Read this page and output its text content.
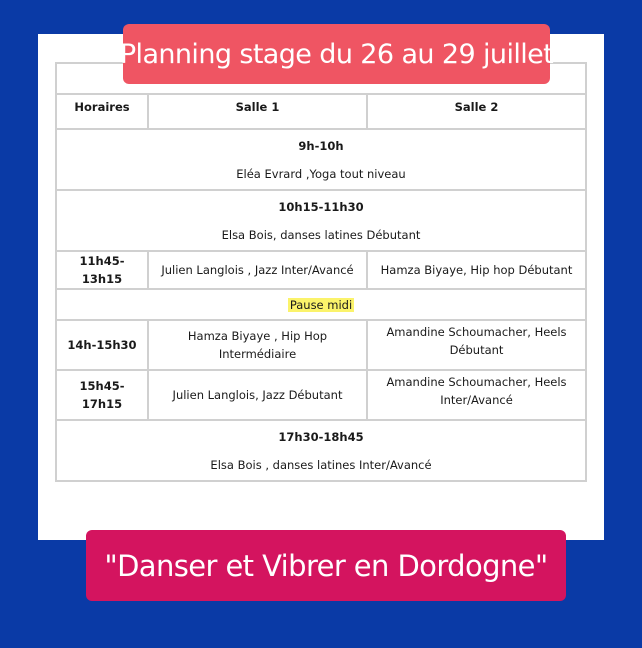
Planning stage du 26 au 29 juillet

Horaires	Salle 1	Salle 2

9h-10h
Eléa Evrard ,Yoga tout niveau		

10h15-11h30
Elsa Bois, danses latines Débutant		
11h45-13h15	Julien Langlois , Jazz Inter/Avancé	Hamza Biyaye, Hip hop Débutant
Pause midi		
14h-15h30	Hamza Biyaye , Hip Hop Intermédiaire	Amandine Schoumacher, Heels Débutant
15h45-17h15	Julien Langlois, Jazz Débutant	Amandine Schoumacher, Heels Inter/Avancé

17h30-18h45
Elsa Bois , danses latines Inter/Avancé		
"Danser et Vibrer en Dordogne"
